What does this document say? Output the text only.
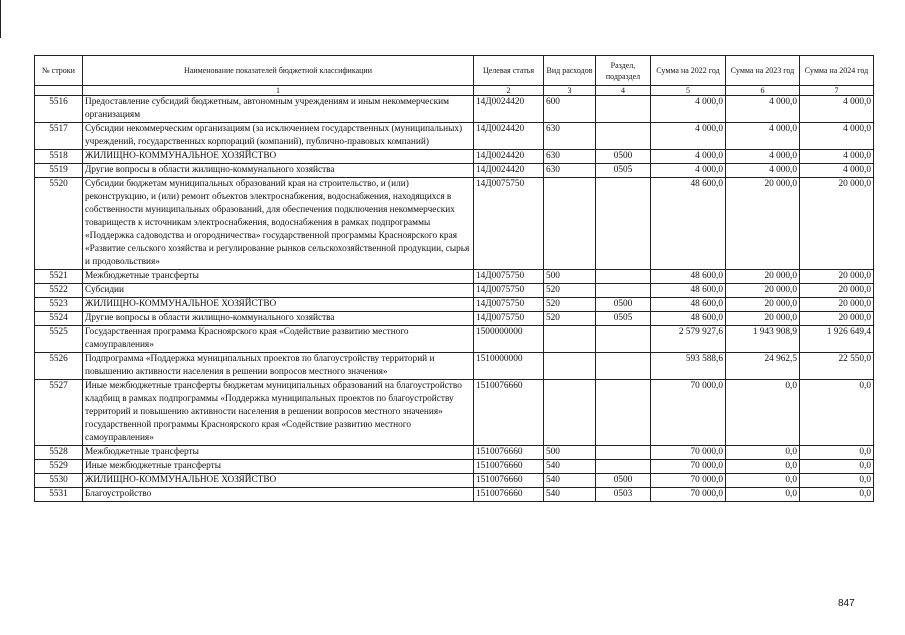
№ строки	Наименование показателей бюджетной классификации	Целевая статья	Вид расходов	Раздел, подраздел	Сумма на 2022 год	Сумма на 2023 год	Сумма на 2024 год
	1	2	3	4	5	6	7
5516	Предоставление субсидий бюджетным, автономным учреждениям и иным некоммерческим организациям	14Д0024420	600		4 000,0	4 000,0	4 000,0
5517	Субсидии некоммерческим организациям (за исключением государственных (муниципальных) учреждений, государственных корпораций (компаний), публично-правовых компаний)	14Д0024420	630		4 000,0	4 000,0	4 000,0
5518	ЖИЛИЩНО-КОММУНАЛЬНОЕ ХОЗЯЙСТВО	14Д0024420	630	0500	4 000,0	4 000,0	4 000,0
5519	Другие вопросы в области жилищно-коммунального хозяйства	14Д0024420	630	0505	4 000,0	4 000,0	4 000,0
5520	Субсидии бюджетам муниципальных образований края на строительство, и (или) реконструкцию, и (или) ремонт объектов электроснабжения, водоснабжения, находящихся в собственности муниципальных образований, для обеспечения подключения некоммерческих товариществ к источникам электроснабжения, водоснабжения в рамках подпрограммы «Поддержка садоводства и огородничества» государственной программы Красноярского края «Развитие сельского хозяйства и регулирование рынков сельскохозяйственной продукции, сырья и продовольствия»	14Д0075750			48 600,0	20 000,0	20 000,0
5521	Межбюджетные трансферты	14Д0075750	500		48 600,0	20 000,0	20 000,0
5522	Субсидии	14Д0075750	520		48 600,0	20 000,0	20 000,0
5523	ЖИЛИЩНО-КОММУНАЛЬНОЕ ХОЗЯЙСТВО	14Д0075750	520	0500	48 600,0	20 000,0	20 000,0
5524	Другие вопросы в области жилищно-коммунального хозяйства	14Д0075750	520	0505	48 600,0	20 000,0	20 000,0
5525	Государственная программа Красноярского края «Содействие развитию местного самоуправления»	1500000000			2 579 927,6	1 943 908,9	1 926 649,4
5526	Подпрограмма «Поддержка муниципальных проектов по благоустройству территорий и повышению активности населения в решении вопросов местного значения»	1510000000			593 588,6	24 962,5	22 550,0
5527	Иные межбюджетные трансферты бюджетам муниципальных образований на благоустройство кладбищ в рамках подпрограммы «Поддержка муниципальных проектов по благоустройству территорий и повышению активности населения в решении вопросов местного значения» государственной программы Красноярского края «Содействие развитию местного самоуправления»	1510076660			70 000,0	0,0	0,0
5528	Межбюджетные трансферты	1510076660	500		70 000,0	0,0	0,0
5529	Иные межбюджетные трансферты	1510076660	540		70 000,0	0,0	0,0
5530	ЖИЛИЩНО-КОММУНАЛЬНОЕ ХОЗЯЙСТВО	1510076660	540	0500	70 000,0	0,0	0,0
5531	Благоустройство	1510076660	540	0503	70 000,0	0,0	0,0
847
